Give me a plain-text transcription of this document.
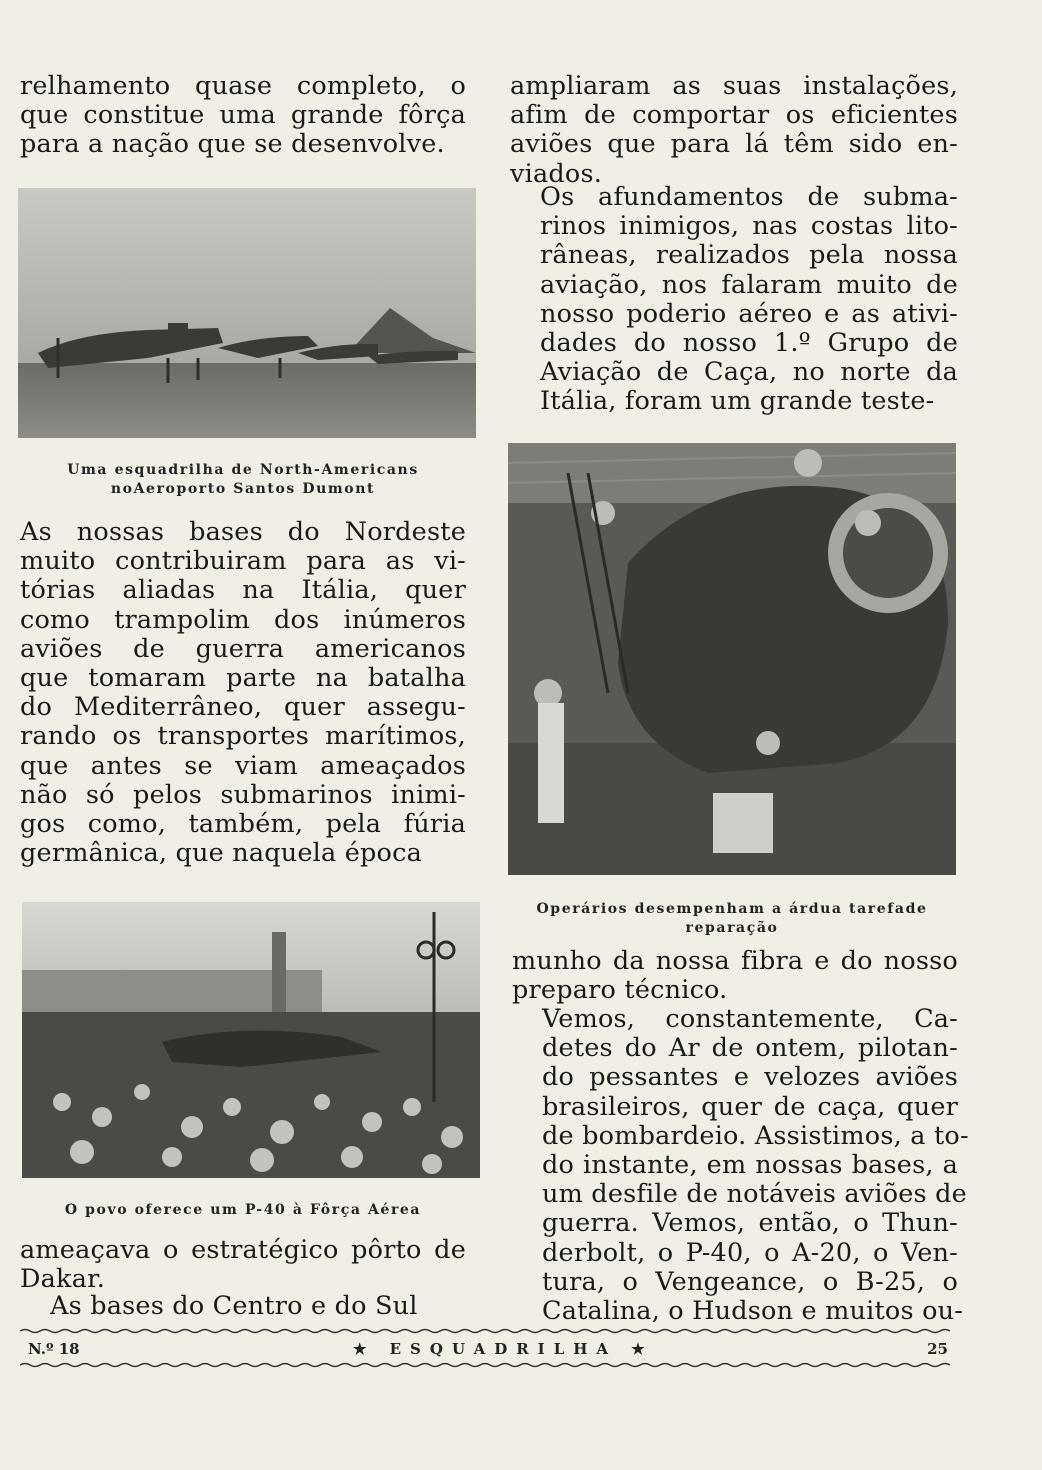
relhamento quase completo, o
que constitue uma grande fôrça
para a nação que se desenvolve.
Uma esquadrilha de North-Americans noAeroporto Santos Dumont
As nossas bases do Nordeste
muito contribuiram para as vi-
tórias aliadas na Itália, quer
como trampolim dos inúmeros
aviões de guerra americanos
que tomaram parte na batalha
do Mediterrâneo, quer assegu-
rando os transportes marítimos,
que antes se viam ameaçados
não só pelos submarinos inimi-
gos como, também, pela fúria
germânica, que naquela época
O povo oferece um P-40 à Fôrça Aérea
ameaçava o estratégico pôrto de
Dakar.
As bases do Centro e do Sul
ampliaram as suas instalações,
afim de comportar os eficientes
aviões que para lá têm sido en-
viados.
Os afundamentos de subma-
rinos inimigos, nas costas lito-
râneas, realizados pela nossa
aviação, nos falaram muito de
nosso poderio aéreo e as ativi-
dades do nosso 1.º Grupo de
Aviação de Caça, no norte da
Itália, foram um grande teste-
Operários desempenham a árdua tarefade reparação
munho da nossa fibra e do nosso
preparo técnico.
Vemos, constantemente, Ca-
detes do Ar de ontem, pilotan-
do pessantes e velozes aviões
brasileiros, quer de caça, quer
de bombardeio. Assistimos, a to-
do instante, em nossas bases, a
um desfile de notáveis aviões de
guerra. Vemos, então, o Thun-
derbolt, o P-40, o A-20, o Ven-
tura, o Vengeance, o B-25, o
Catalina, o Hudson e muitos ou-
N.º 18	★ ESQUADRILHA ★	25
